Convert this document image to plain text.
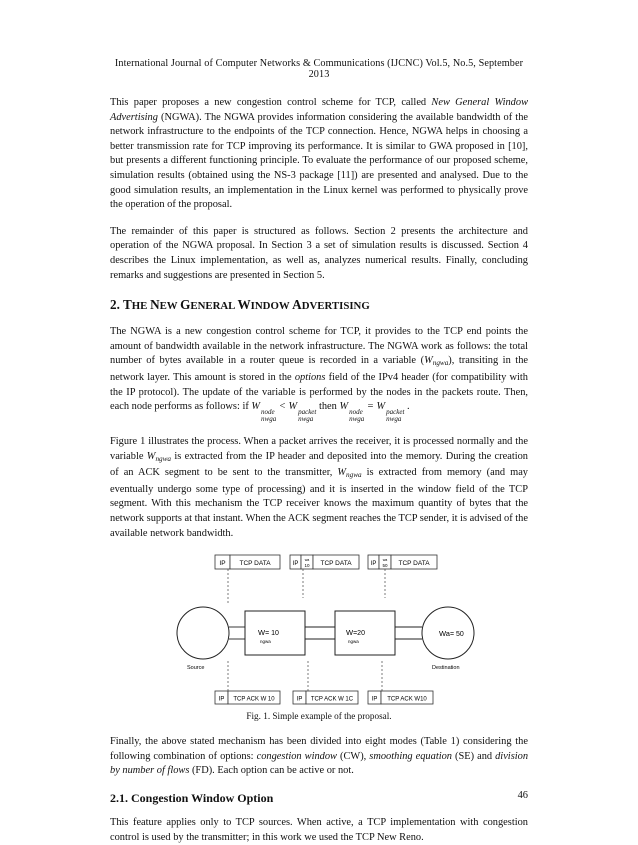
International Journal of Computer Networks & Communications (IJCNC) Vol.5, No.5, September 2013

This paper proposes a new congestion control scheme for TCP, called New General Window Advertising (NGWA). The NGWA provides information considering the available bandwidth of the network infrastructure to the endpoints of the TCP connection. Hence, NGWA helps in choosing a better transmission rate for TCP improving its performance. It is similar to GWA proposed in [10], but presents a different functioning principle. To evaluate the performance of our proposed scheme, simulation results (obtained using the NS-3 package [11]) are presented and analysed. Due to the good simulation results, an implementation in the Linux kernel was performed to physically prove the operation of the proposal.

The remainder of this paper is structured as follows. Section 2 presents the architecture and operation of the NGWA proposal. In Section 3 a set of simulation results is discussed. Section 4 describes the Linux implementation, as well as, analyzes numerical results. Finally, concluding remarks and suggestions are presented in Section 5.

2. THE NEW GENERAL WINDOW ADVERTISING

The NGWA is a new congestion control scheme for TCP, it provides to the TCP end points the amount of bandwidth available in the network infrastructure. The NGWA work as follows: the total number of bytes available in a router queue is recorded in a variable (Wngwa), transiting in the network layer. This amount is stored in the options field of the IPv4 header (for compatibility with the IP protocol). The update of the variable is performed by the nodes in the packets route. Then, each node performs as follows: if W node
nwga
< W packet
nwga
then W node
nwga
= W packet
nwga
.

Figure 1 illustrates the process. When a packet arrives the receiver, it is processed normally and the variable Wngwa is extracted from the IP header and deposited into the memory. During the creation of an ACK segment to be sent to the transmitter, Wngwa is extracted from memory (and may eventually undergo some type of processing) and it is inserted in the window field of the TCP segment. With this mechanism the TCP receiver knows the maximum quantity of bytes that the network supports at that instant. When the ACK segment reaches the TCP sender, it is advised of the available network bandwidth.

IP TCP DATA	IP
wa
10 TCP DATA	IP
wa
50 TCP DATA
Source
W= 10
ngwa
W=20
ngwa
Wa= 50
Destination
IP TCP ACK W 10	IP TCP ACK W 1C	IP TCP ACK W10
Fig. 1. Simple example of the proposal.

Finally, the above stated mechanism has been divided into eight modes (Table 1) considering the following combination of options: congestion window (CW), smoothing equation (SE) and division by number of flows (FD). Each option can be active or not.

2.1. Congestion Window Option

This feature applies only to TCP sources. When active, a TCP implementation with congestion control is used by the transmitter; in this work we used the TCP New Reno.

46
